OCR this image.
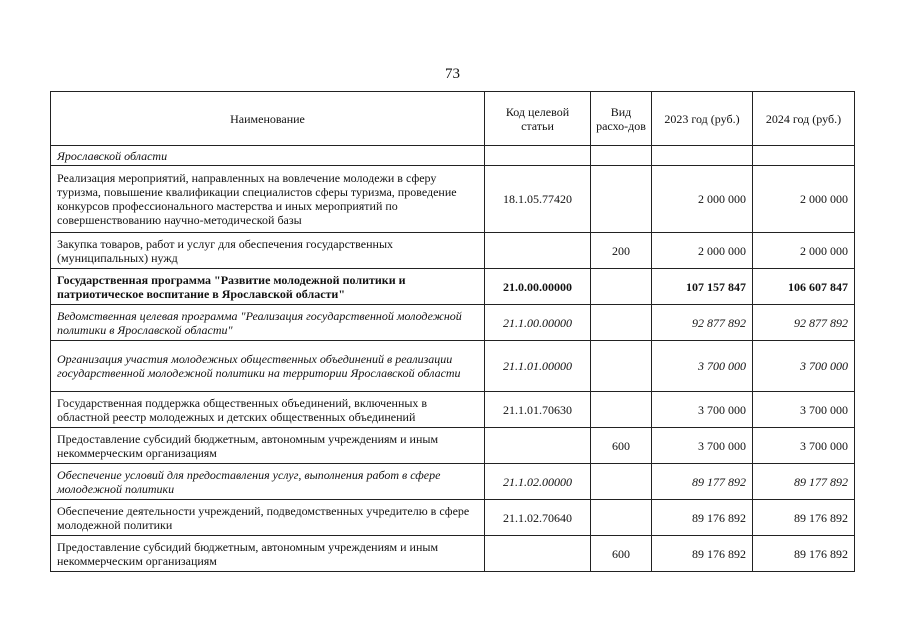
73
Наименование	Код целевой статьи	Вид расхо-дов	2023 год (руб.)	2024 год (руб.)
Ярославской области				
Реализация мероприятий, направленных на вовлечение молодежи в сферу туризма, повышение квалификации специалистов сферы туризма, проведение конкурсов профессионального мастерства и иных мероприятий по совершенствованию научно-методической базы	18.1.05.77420		2 000 000	2 000 000
Закупка товаров, работ и услуг для обеспечения государственных (муниципальных) нужд		200	2 000 000	2 000 000
Государственная программа "Развитие молодежной политики и патриотическое воспитание в Ярославской области"	21.0.00.00000		107 157 847	106 607 847
Ведомственная целевая программа "Реализация государственной молодежной политики в Ярославской области"	21.1.00.00000		92 877 892	92 877 892
Организация участия молодежных общественных объединений в реализации государственной молодежной политики на территории Ярославской области	21.1.01.00000		3 700 000	3 700 000
Государственная поддержка общественных объединений, включенных в областной реестр молодежных и детских общественных объединений	21.1.01.70630		3 700 000	3 700 000
Предоставление субсидий бюджетным, автономным учреждениям и иным некоммерческим организациям		600	3 700 000	3 700 000
Обеспечение условий для предоставления услуг, выполнения работ в сфере молодежной политики	21.1.02.00000		89 177 892	89 177 892
Обеспечение деятельности учреждений, подведомственных учредителю в сфере молодежной политики	21.1.02.70640		89 176 892	89 176 892
Предоставление субсидий бюджетным, автономным учреждениям и иным некоммерческим организациям		600	89 176 892	89 176 892
